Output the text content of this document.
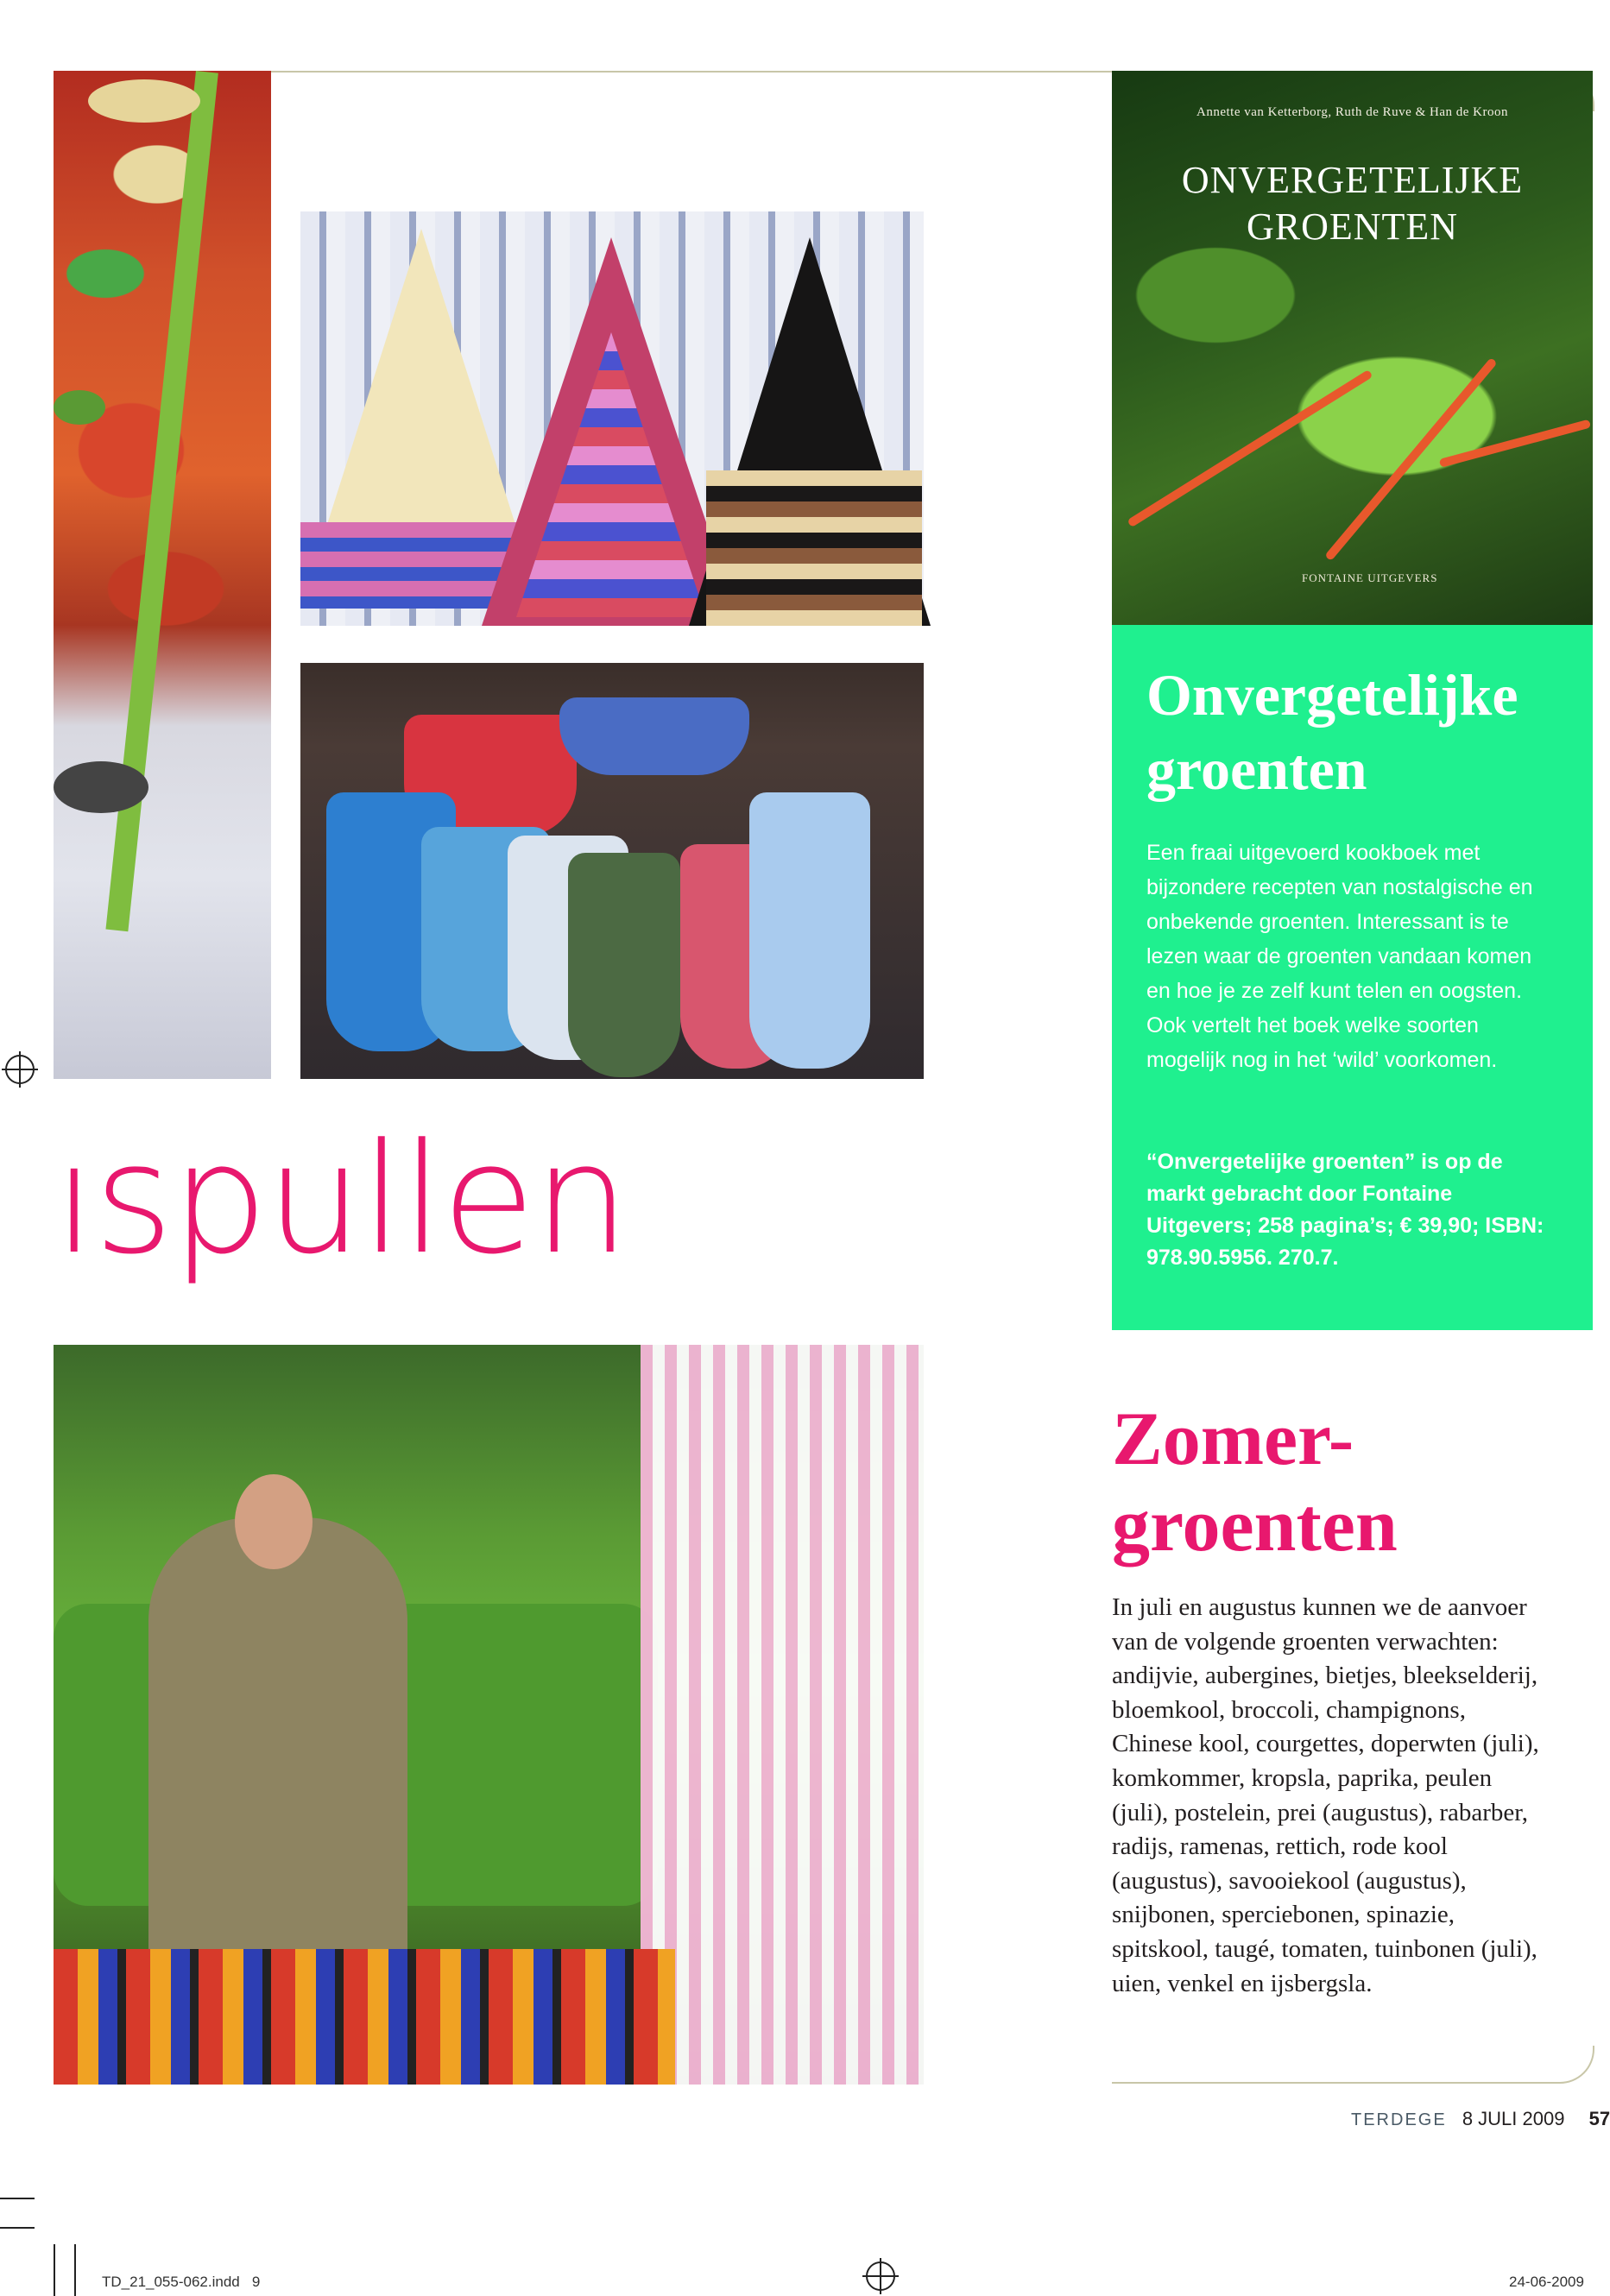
ıspullen
Annette van Ketterborg, Ruth de Ruve & Han de Kroon
ONVERGETELIJKE
GROENTEN
FONTAINE UITGEVERS
Onvergetelijke groenten
Een fraai uitgevoerd kookboek met bijzondere recepten van nostalgische en onbekende groenten. Interessant is te lezen waar de groenten vandaan komen en hoe je ze zelf kunt telen en oogsten. Ook vertelt het boek welke soorten mogelijk nog in het ‘wild’ voorkomen.
“Onvergetelijke groenten” is op de markt gebracht door Fontaine Uitgevers; 258 pagina’s; € 39,90; ISBN: 978.90.5956. 270.7.
Zomer-
groenten
In juli en augustus kunnen we de aanvoer van de volgende groenten verwachten: andijvie, aubergines, bietjes, bleekselderij, bloemkool, broccoli, champignons, Chinese kool, courgettes, doperwten (juli), komkommer, kropsla, paprika, peulen (juli), postelein, prei (augustus), rabarber, radijs, ramenas, rettich, rode kool (augustus), savooiekool (augustus), snijbonen, sperciebonen, spinazie, spitskool, taugé, tomaten, tuinbonen (juli), uien, venkel en ijsbergsla.
TERDEGE 8 JULI 2009 57
TD_21_055-062.indd   9	24-06-2009
